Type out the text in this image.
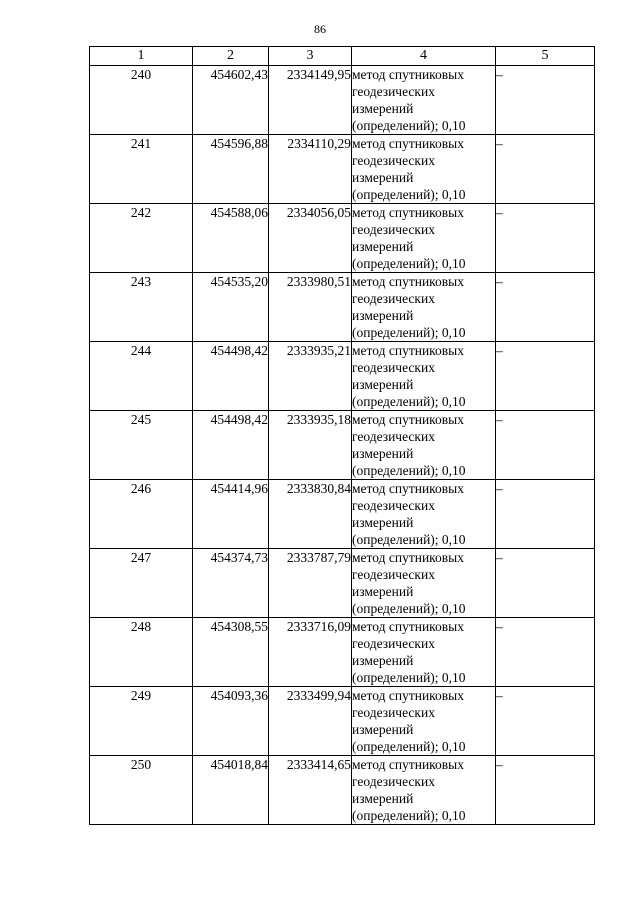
86
1	2	3	4	5
240	454602,43	2334149,95	метод спутниковых
геодезических
измерений
(определений); 0,10	–
241	454596,88	2334110,29	метод спутниковых
геодезических
измерений
(определений); 0,10	–
242	454588,06	2334056,05	метод спутниковых
геодезических
измерений
(определений); 0,10	–
243	454535,20	2333980,51	метод спутниковых
геодезических
измерений
(определений); 0,10	–
244	454498,42	2333935,21	метод спутниковых
геодезических
измерений
(определений); 0,10	–
245	454498,42	2333935,18	метод спутниковых
геодезических
измерений
(определений); 0,10	–
246	454414,96	2333830,84	метод спутниковых
геодезических
измерений
(определений); 0,10	–
247	454374,73	2333787,79	метод спутниковых
геодезических
измерений
(определений); 0,10	–
248	454308,55	2333716,09	метод спутниковых
геодезических
измерений
(определений); 0,10	–
249	454093,36	2333499,94	метод спутниковых
геодезических
измерений
(определений); 0,10	–
250	454018,84	2333414,65	метод спутниковых
геодезических
измерений
(определений); 0,10	–
